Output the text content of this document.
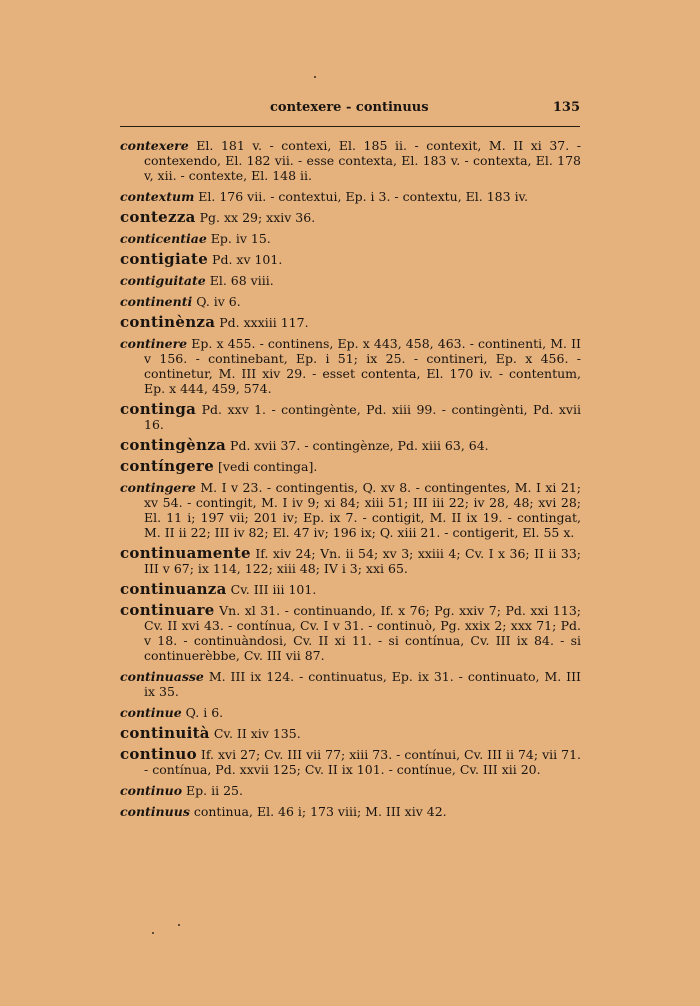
contexere - continuus	135

contexere El. 181 v. - contexi, El. 185 ii. - contexit, M. II xi 37. - contexendo, El. 182 vii. - esse contexta, El. 183 v. - contexta, El. 178 v, xii. - contexte, El. 148 ii.

contextum El. 176 vii. - contextui, Ep. i 3. - contextu, El. 183 iv.

contezza Pg. xx 29; xxiv 36.

conticentiae Ep. iv 15.

contigiate Pd. xv 101.

contiguitate El. 68 viii.

continenti Q. iv 6.

continènza Pd. xxxiii 117.

continere Ep. x 455. - continens, Ep. x 443, 458, 463. - continenti, M. II v 156. - continebant, Ep. i 51; ix 25. - contineri, Ep. x 456. - continetur, M. III xiv 29. - esset contenta, El. 170 iv. - contentum, Ep. x 444, 459, 574.

continga Pd. xxv 1. - contingènte, Pd. xiii 99. - contingènti, Pd. xvii 16.

contingènza Pd. xvii 37. - contingènze, Pd. xiii 63, 64.

contíngere [vedi continga].

contingere M. I v 23. - contingentis, Q. xv 8. - contingentes, M. I xi 21; xv 54. - contingit, M. I iv 9; xi 84; xiii 51; III iii 22; iv 28, 48; xvi 28; El. 11 i; 197 vii; 201 iv; Ep. ix 7. - contigit, M. II ix 19. - contingat, M. II ii 22; III iv 82; El. 47 iv; 196 ix; Q. xiii 21. - contigerit, El. 55 x.

continuamente If. xiv 24; Vn. ii 54; xv 3; xxiii 4; Cv. I x 36; II ii 33; III v 67; ix 114, 122; xiii 48; IV i 3; xxi 65.

continuanza Cv. III iii 101.

continuare Vn. xl 31. - continuando, If. x 76; Pg. xxiv 7; Pd. xxi 113; Cv. II xvi 43. - contínua, Cv. I v 31. - continuò, Pg. xxix 2; xxx 71; Pd. v 18. - continuàndosi, Cv. II xi 11. - si contínua, Cv. III ix 84. - si continuerèbbe, Cv. III vii 87.

continuasse M. III ix 124. - continuatus, Ep. ix 31. - continuato, M. III ix 35.

continue Q. i 6.

continuità Cv. II xiv 135.

continuo If. xvi 27; Cv. III vii 77; xiii 73. - contínui, Cv. III ii 74; vii 71. - contínua, Pd. xxvii 125; Cv. II ix 101. - contínue, Cv. III xii 20.

continuo Ep. ii 25.

continuus continua, El. 46 i; 173 viii; M. III xiv 42.
